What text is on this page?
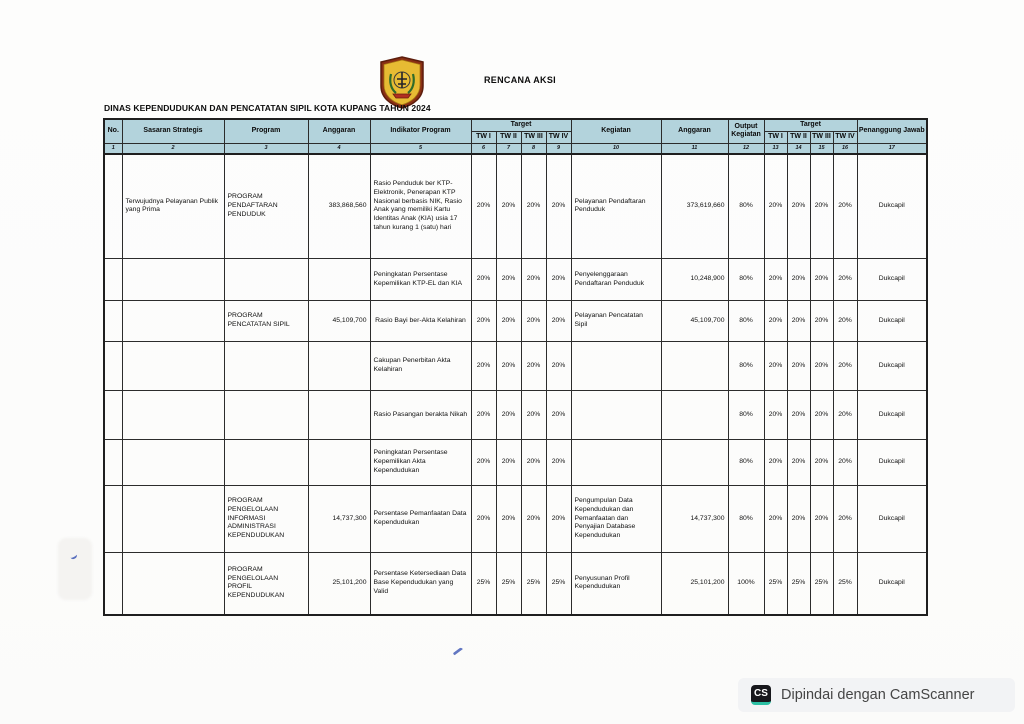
RENCANA AKSI
DINAS KEPENDUDUKAN DAN PENCATATAN SIPIL KOTA KUPANG TAHUN 2024
No.	Sasaran Strategis	Program	Anggaran	Indikator Program	Target				Kegiatan	Anggaran	Output Kegiatan	Target				Penanggung Jawab
					TW I	TW II	TW III	TW IV				TW I	TW II	TW III	TW IV	
1	2	3	4	5	6	7	8	9	10	11	12	13	14	15	16	17
	Terwujudnya Pelayanan Publik yang Prima	PROGRAM PENDAFTARAN PENDUDUK	383,868,560	Rasio Penduduk ber KTP-Elektronik, Penerapan KTP Nasional berbasis NIK, Rasio Anak yang memiliki Kartu Identitas Anak (KIA) usia 17 tahun kurang 1 (satu) hari	20%	20%	20%	20%	Pelayanan Pendaftaran Penduduk	373,619,660	80%	20%	20%	20%	20%	Dukcapil
				Peningkatan Persentase Kepemilikan KTP-EL dan KIA	20%	20%	20%	20%	Penyelenggaraan Pendaftaran Penduduk	10,248,900	80%	20%	20%	20%	20%	Dukcapil
		PROGRAM PENCATATAN SIPIL	45,109,700	Rasio Bayi ber-Akta Kelahiran	20%	20%	20%	20%	Pelayanan Pencatatan Sipil	45,109,700	80%	20%	20%	20%	20%	Dukcapil
				Cakupan Penerbitan Akta Kelahiran	20%	20%	20%	20%			80%	20%	20%	20%	20%	Dukcapil
				Rasio Pasangan berakta Nikah	20%	20%	20%	20%			80%	20%	20%	20%	20%	Dukcapil
				Peningkatan Persentase Kepemilikan Akta Kependudukan	20%	20%	20%	20%			80%	20%	20%	20%	20%	Dukcapil
		PROGRAM PENGELOLAAN INFORMASI ADMINISTRASI KEPENDUDUKAN	14,737,300	Persentase Pemanfaatan Data Kependudukan	20%	20%	20%	20%	Pengumpulan Data Kependudukan dan Pemanfaatan dan Penyajian Database Kependudukan	14,737,300	80%	20%	20%	20%	20%	Dukcapil
		PROGRAM PENGELOLAAN PROFIL KEPENDUDUKAN	25,101,200	Persentase Ketersediaan Data Base Kependudukan yang Valid	25%	25%	25%	25%	Penyusunan Profil Kependudukan	25,101,200	100%	25%	25%	25%	25%	Dukcapil
CS Dipindai dengan CamScanner
